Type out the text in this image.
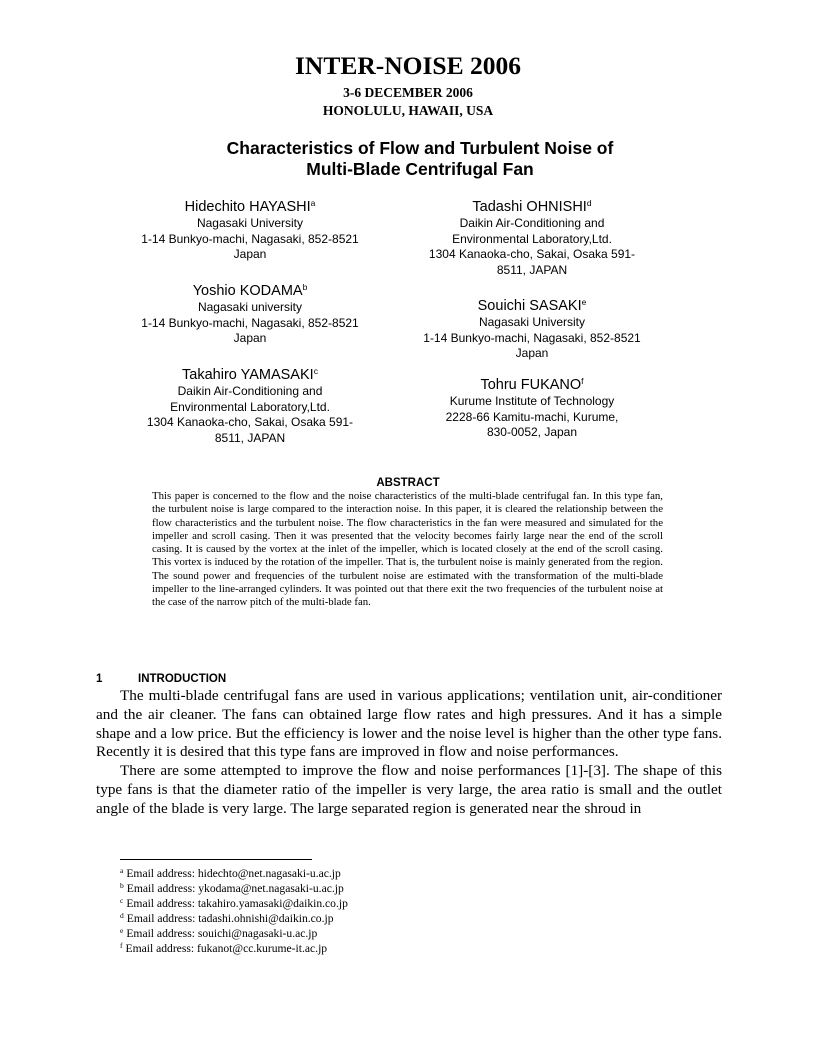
INTER-NOISE 2006
3-6 DECEMBER 2006
HONOLULU, HAWAII, USA
Characteristics of Flow and Turbulent Noise of
Multi-Blade Centrifugal Fan
Hidechito HAYASHI$^a$
Nagasaki University
1-14 Bunkyo-machi, Nagasaki, 852-8521
Japan
Yoshio KODAMA$^b$
Nagasaki university
1-14 Bunkyo-machi, Nagasaki, 852-8521
Japan
Takahiro YAMASAKI$^c$
Daikin Air-Conditioning and
Environmental Laboratory,Ltd.
1304 Kanaoka-cho, Sakai, Osaka 591-
8511, JAPAN
Tadashi OHNISHI$^d$
Daikin Air-Conditioning and
Environmental Laboratory,Ltd.
1304 Kanaoka-cho, Sakai, Osaka 591-
8511, JAPAN
Souichi SASAKI$^e$
Nagasaki University
1-14 Bunkyo-machi, Nagasaki, 852-8521
Japan
Tohru FUKANO$^f$
Kurume Institute of Technology
2228-66 Kamitu-machi, Kurume,
830-0052, Japan
ABSTRACT
This paper is concerned to the flow and the noise characteristics of the multi-blade centrifugal fan. In this type fan, the turbulent noise is large compared to the interaction noise. In this paper, it is cleared the relationship between the flow characteristics and the turbulent noise. The flow characteristics in the fan were measured and simulated for the impeller and scroll casing. Then it was presented that the velocity becomes fairly large near the end of the scroll casing. It is caused by the vortex at the inlet of the impeller, which is located closely at the end of the scroll casing. This vortex is induced by the rotation of the impeller. That is, the turbulent noise is mainly generated from the region. The sound power and frequencies of the turbulent noise are estimated with the transformation of the multi-blade impeller to the line-arranged cylinders. It was pointed out that there exit the two frequencies of the turbulent noise at the case of the narrow pitch of the multi-blade fan.
1	INTRODUCTION

The multi-blade centrifugal fans are used in various applications; ventilation unit, air-conditioner and the air cleaner. The fans can obtained large flow rates and high pressures. And it has a simple shape and a low price. But the efficiency is lower and the noise level is higher than the other type fans. Recently it is desired that this type fans are improved in flow and noise performances.

There are some attempted to improve the flow and noise performances [1]-[3]. The shape of this type fans is that the diameter ratio of the impeller is very large, the area ratio is small and the outlet angle of the blade is very large. The large separated region is generated near the shroud in

$^a$ Email address: hidechto@net.nagasaki-u.ac.jp
$^b$ Email address: ykodama@net.nagasaki-u.ac.jp
$^c$ Email address: takahiro.yamasaki@daikin.co.jp
$^d$ Email address: tadashi.ohnishi@daikin.co.jp
$^e$ Email address: souichi@nagasaki-u.ac.jp
$^f$ Email address: fukanot@cc.kurume-it.ac.jp
